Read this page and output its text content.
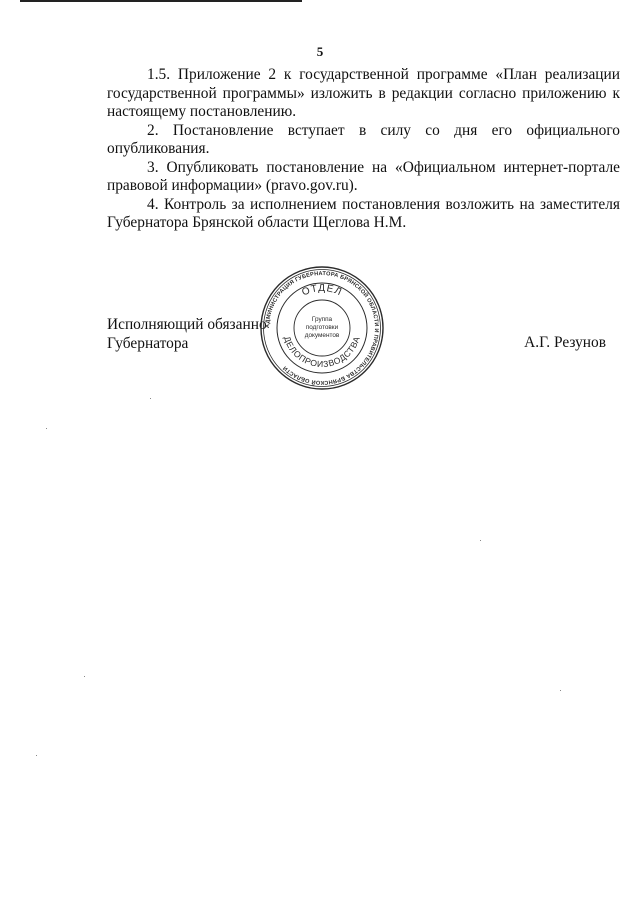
5

1.5. Приложение 2 к государственной программе «План реализации государственной программы» изложить в редакции согласно приложению к настоящему постановлению.

2. Постановление вступает в силу со дня его официального опубликования.

3. Опубликовать постановление на «Официальном интернет-портале правовой информации» (pravo.gov.ru).

4. Контроль за исполнением постановления возложить на заместителя Губернатора Брянской области Щеглова Н.М.

Исполняющий обязанно
Губернатора	А.Г. Резунов
АДМИНИСТРАЦИЯ ГУБЕРНАТОРА БРЯНСКОЙ ОБЛАСТИ И ПРАВИТЕЛЬСТВА БРЯНСКОЙ ОБЛАСТИ
ОТДЕЛ
ДЕЛОПРОИЗВОДСТВА
Группа
подготовки
документов
